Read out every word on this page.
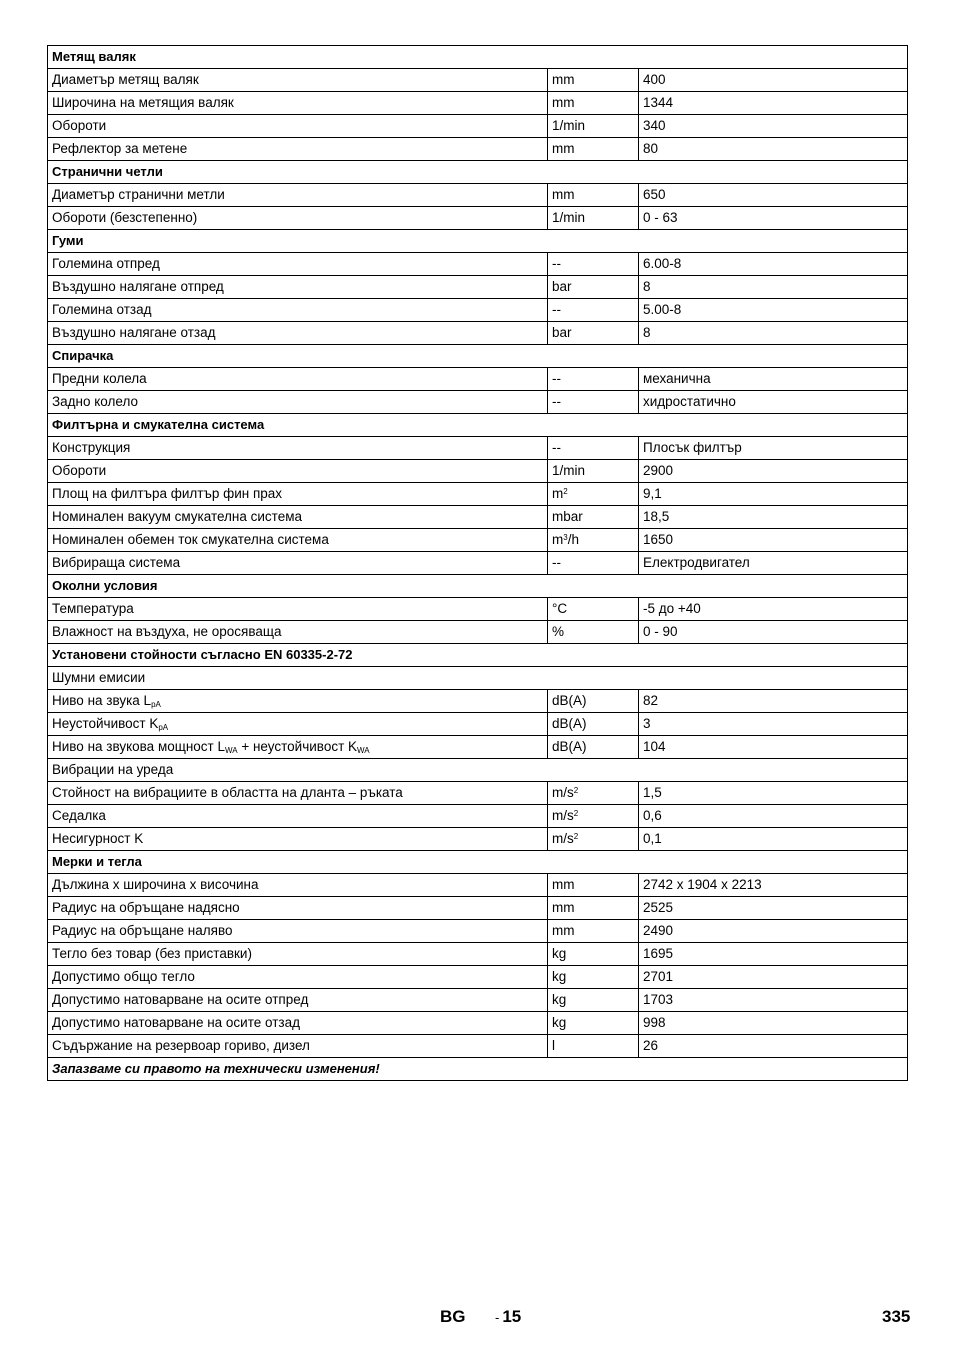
Метящ валяк		
Диаметър метящ валяк	mm	400
Широчина на метящия валяк	mm	1344
Обороти	1/min	340
Рефлектор за метене	mm	80
Странични четли		
Диаметър странични метли	mm	650
Обороти (безстепенно)	1/min	0 - 63
Гуми		
Големина отпред	--	6.00-8
Въздушно налягане отпред	bar	8
Големина отзад	--	5.00-8
Въздушно налягане отзад	bar	8
Спирачка		
Предни колела	--	механична
Задно колело	--	хидростатично
Филтърна и смукателна система		
Конструкция	--	Плосък филтър
Обороти	1/min	2900
Площ на филтъра филтър фин прах	$m^2$	9,1
Номинален вакуум смукателна система	mbar	18,5
Номинален обемен ток смукателна система	$m^3/h$	1650
Вибрираща система	--	Електродвигател
Околни условия		
Температура	°C	-5 до +40
Влажност на въздуха, не оросяваща	%	0 - 90
Установени стойности съгласно EN 60335-2-72		
Шумни емисии		
Ниво на звука $L_{pA}$	dB(A)	82
Неустойчивост $K_{pA}$	dB(A)	3
Ниво на звукова мощност $L_{WA}$ + неустойчивост $K_{WA}$	dB(A)	104
Вибрации на уреда		
Стойност на вибрациите в областта на дланта – ръката	$m/s^2$	1,5
Седалка	$m/s^2$	0,6
Несигурност K	$m/s^2$	0,1
Мерки и тегла		
Дължина х широчина х височина	mm	2742 x 1904 x 2213
Радиус на обръщане надясно	mm	2525
Радиус на обръщане наляво	mm	2490
Тегло без товар (без приставки)	kg	1695
Допустимо общо тегло	kg	2701
Допустимо натоварване на осите отпред	kg	1703
Допустимо натоварване на осите отзад	kg	998
Съдържание на резервоар гориво, дизел	l	26
Запазваме си правото на технически изменения!		
BG - 15	335
